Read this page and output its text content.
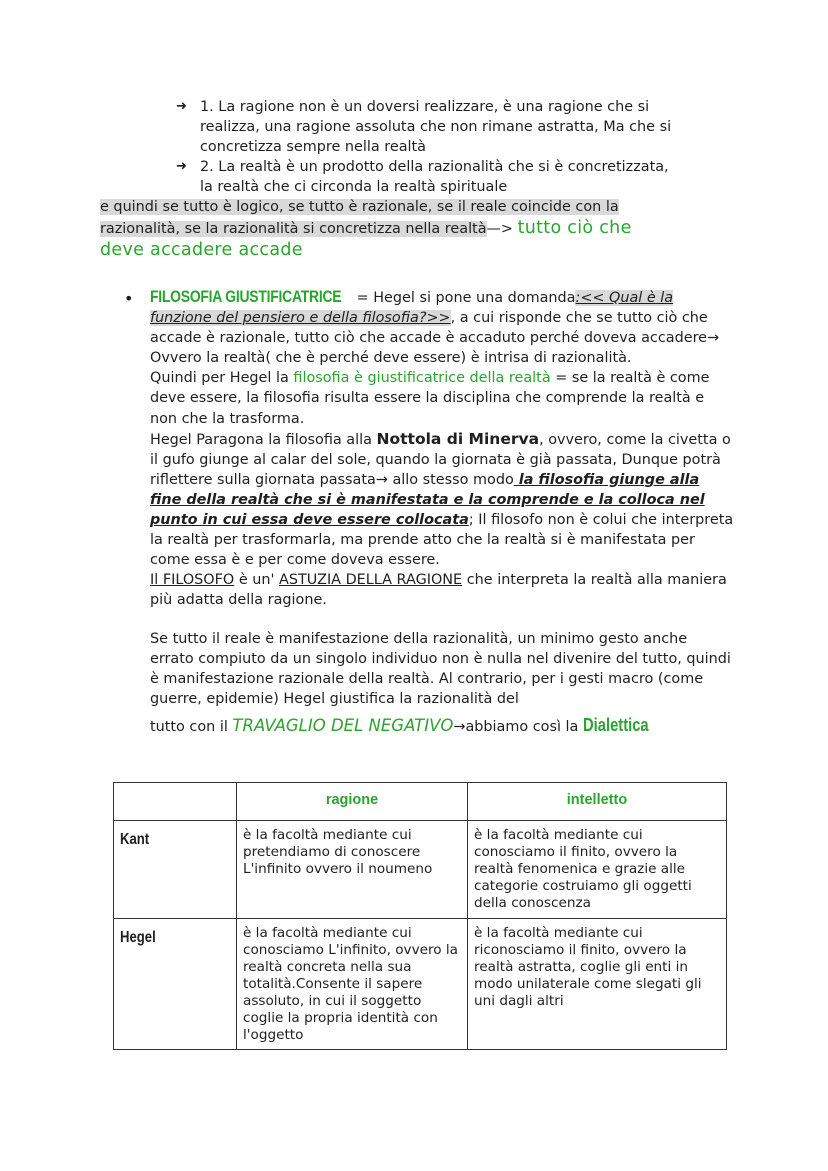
➜ 1. La ragione non è un doversi realizzare, è una ragione che si
realizza, una ragione assoluta che non rimane astratta, Ma che si
concretizza sempre nella realtà

➜ 2. La realtà è un prodotto della razionalità che si è concretizzata,
la realtà che ci circonda la realtà spirituale

e quindi se tutto è logico, se tutto è razionale, se il reale coincide con la
razionalità, se la razionalità si concretizza nella realtà—> tutto ciò che
deve accadere accade
• FILOSOFIA GIUSTIFICATRICE = Hegel si pone una domanda:<< Qual è la funzione del pensiero e della filosofia?>>, a cui risponde che se tutto ciò che accade è razionale, tutto ciò che accade è accaduto perché doveva accadere→ Ovvero la realtà( che è perché deve essere) è intrisa di razionalità.

Quindi per Hegel la filosofia è giustificatrice della realtà = se la realtà è come deve essere, la filosofia risulta essere la disciplina che comprende la realtà e non che la trasforma.

Hegel Paragona la filosofia alla Nottola di Minerva, ovvero, come la civetta o il gufo giunge al calar del sole, quando la giornata è già passata, Dunque potrà riflettere sulla giornata passata→ allo stesso modo la filosofia giunge alla fine della realtà che si è manifestata e la comprende e la colloca nel punto in cui essa deve essere collocata; Il filosofo non è colui che interpreta la realtà per trasformarla, ma prende atto che la realtà si è manifestata per come essa è e per come doveva essere.

Il FILOSOFO è un' ASTUZIA DELLA RAGIONE che interpreta la realtà alla maniera più adatta della ragione.

Se tutto il reale è manifestazione della razionalità, un minimo gesto anche errato compiuto da un singolo individuo non è nulla nel divenire del tutto, quindi è manifestazione razionale della realtà. Al contrario, per i gesti macro (come guerre, epidemie) Hegel giustifica la razionalità del

tutto con il TRAVAGLIO DEL NEGATIVO→abbiamo così la Dialettica

	ragione	intelletto
Kant	è la facoltà mediante cui pretendiamo di conoscere L'infinito ovvero il noumeno	è la facoltà mediante cui conosciamo il finito, ovvero la realtà fenomenica e grazie alle categorie costruiamo gli oggetti della conoscenza
Hegel	è la facoltà mediante cui conosciamo L'infinito, ovvero la realtà concreta nella sua totalità.Consente il sapere assoluto, in cui il soggetto coglie la propria identità con l'oggetto	è la facoltà mediante cui riconosciamo il finito, ovvero la realtà astratta, coglie gli enti in modo unilaterale come slegati gli uni dagli altri
